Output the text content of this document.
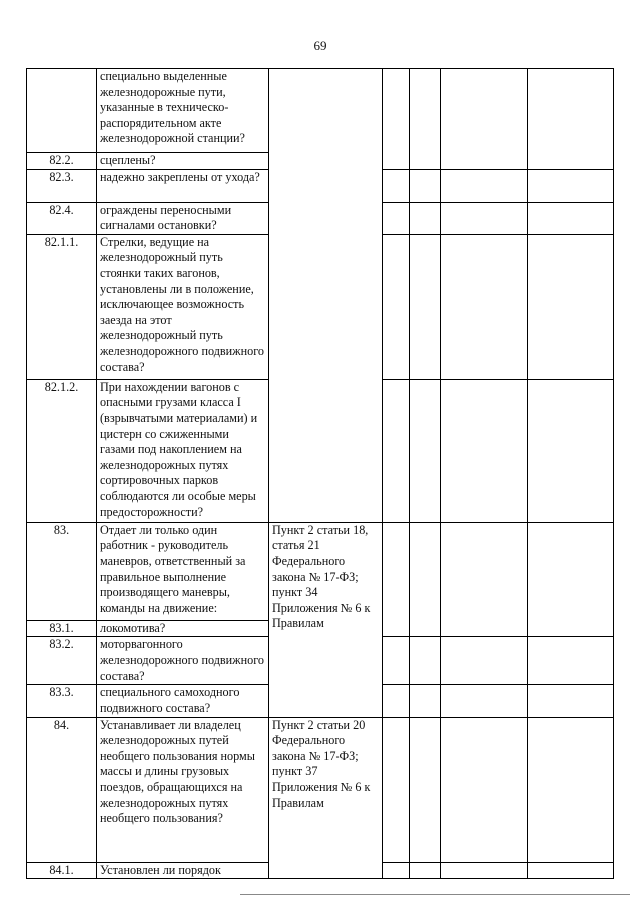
69
	специально выделенные железнодорожные пути, указанные в техническо-распорядительном акте железнодорожной станции?					
82.2.	сцеплены?					
82.3.	надежно закреплены от ухода?					
82.4.	ограждены переносными сигналами остановки?					
82.1.1.	Стрелки, ведущие на железнодорожный путь стоянки таких вагонов, установлены ли в положение, исключающее возможность заезда на этот железнодорожный путь железнодорожного подвижного состава?					
82.1.2.	При нахождении вагонов с опасными грузами класса I (взрывчатыми материалами) и цистерн со сжиженными газами под накоплением на железнодорожных путях сортировочных парков соблюдаются ли особые меры предосторожности?					
83.	Отдает ли только один работник - руководитель маневров, ответственный за правильное выполнение производящего маневры, команды на движение:	Пункт 2 статьи 18, статья 21 Федерального закона № 17-ФЗ; пункт 34 Приложения № 6 к Правилам				
83.1.	локомотива?					
83.2.	моторвагонного железнодорожного подвижного состава?					
83.3.	специального самоходного подвижного состава?					
84.	Устанавливает ли владелец железнодорожных путей необщего пользования нормы массы и длины грузовых поездов, обращающихся на железнодорожных путях необщего пользования?	Пункт 2 статьи 20 Федерального закона № 17-ФЗ; пункт 37 Приложения № 6 к Правилам				
84.1.	Установлен ли порядок					
